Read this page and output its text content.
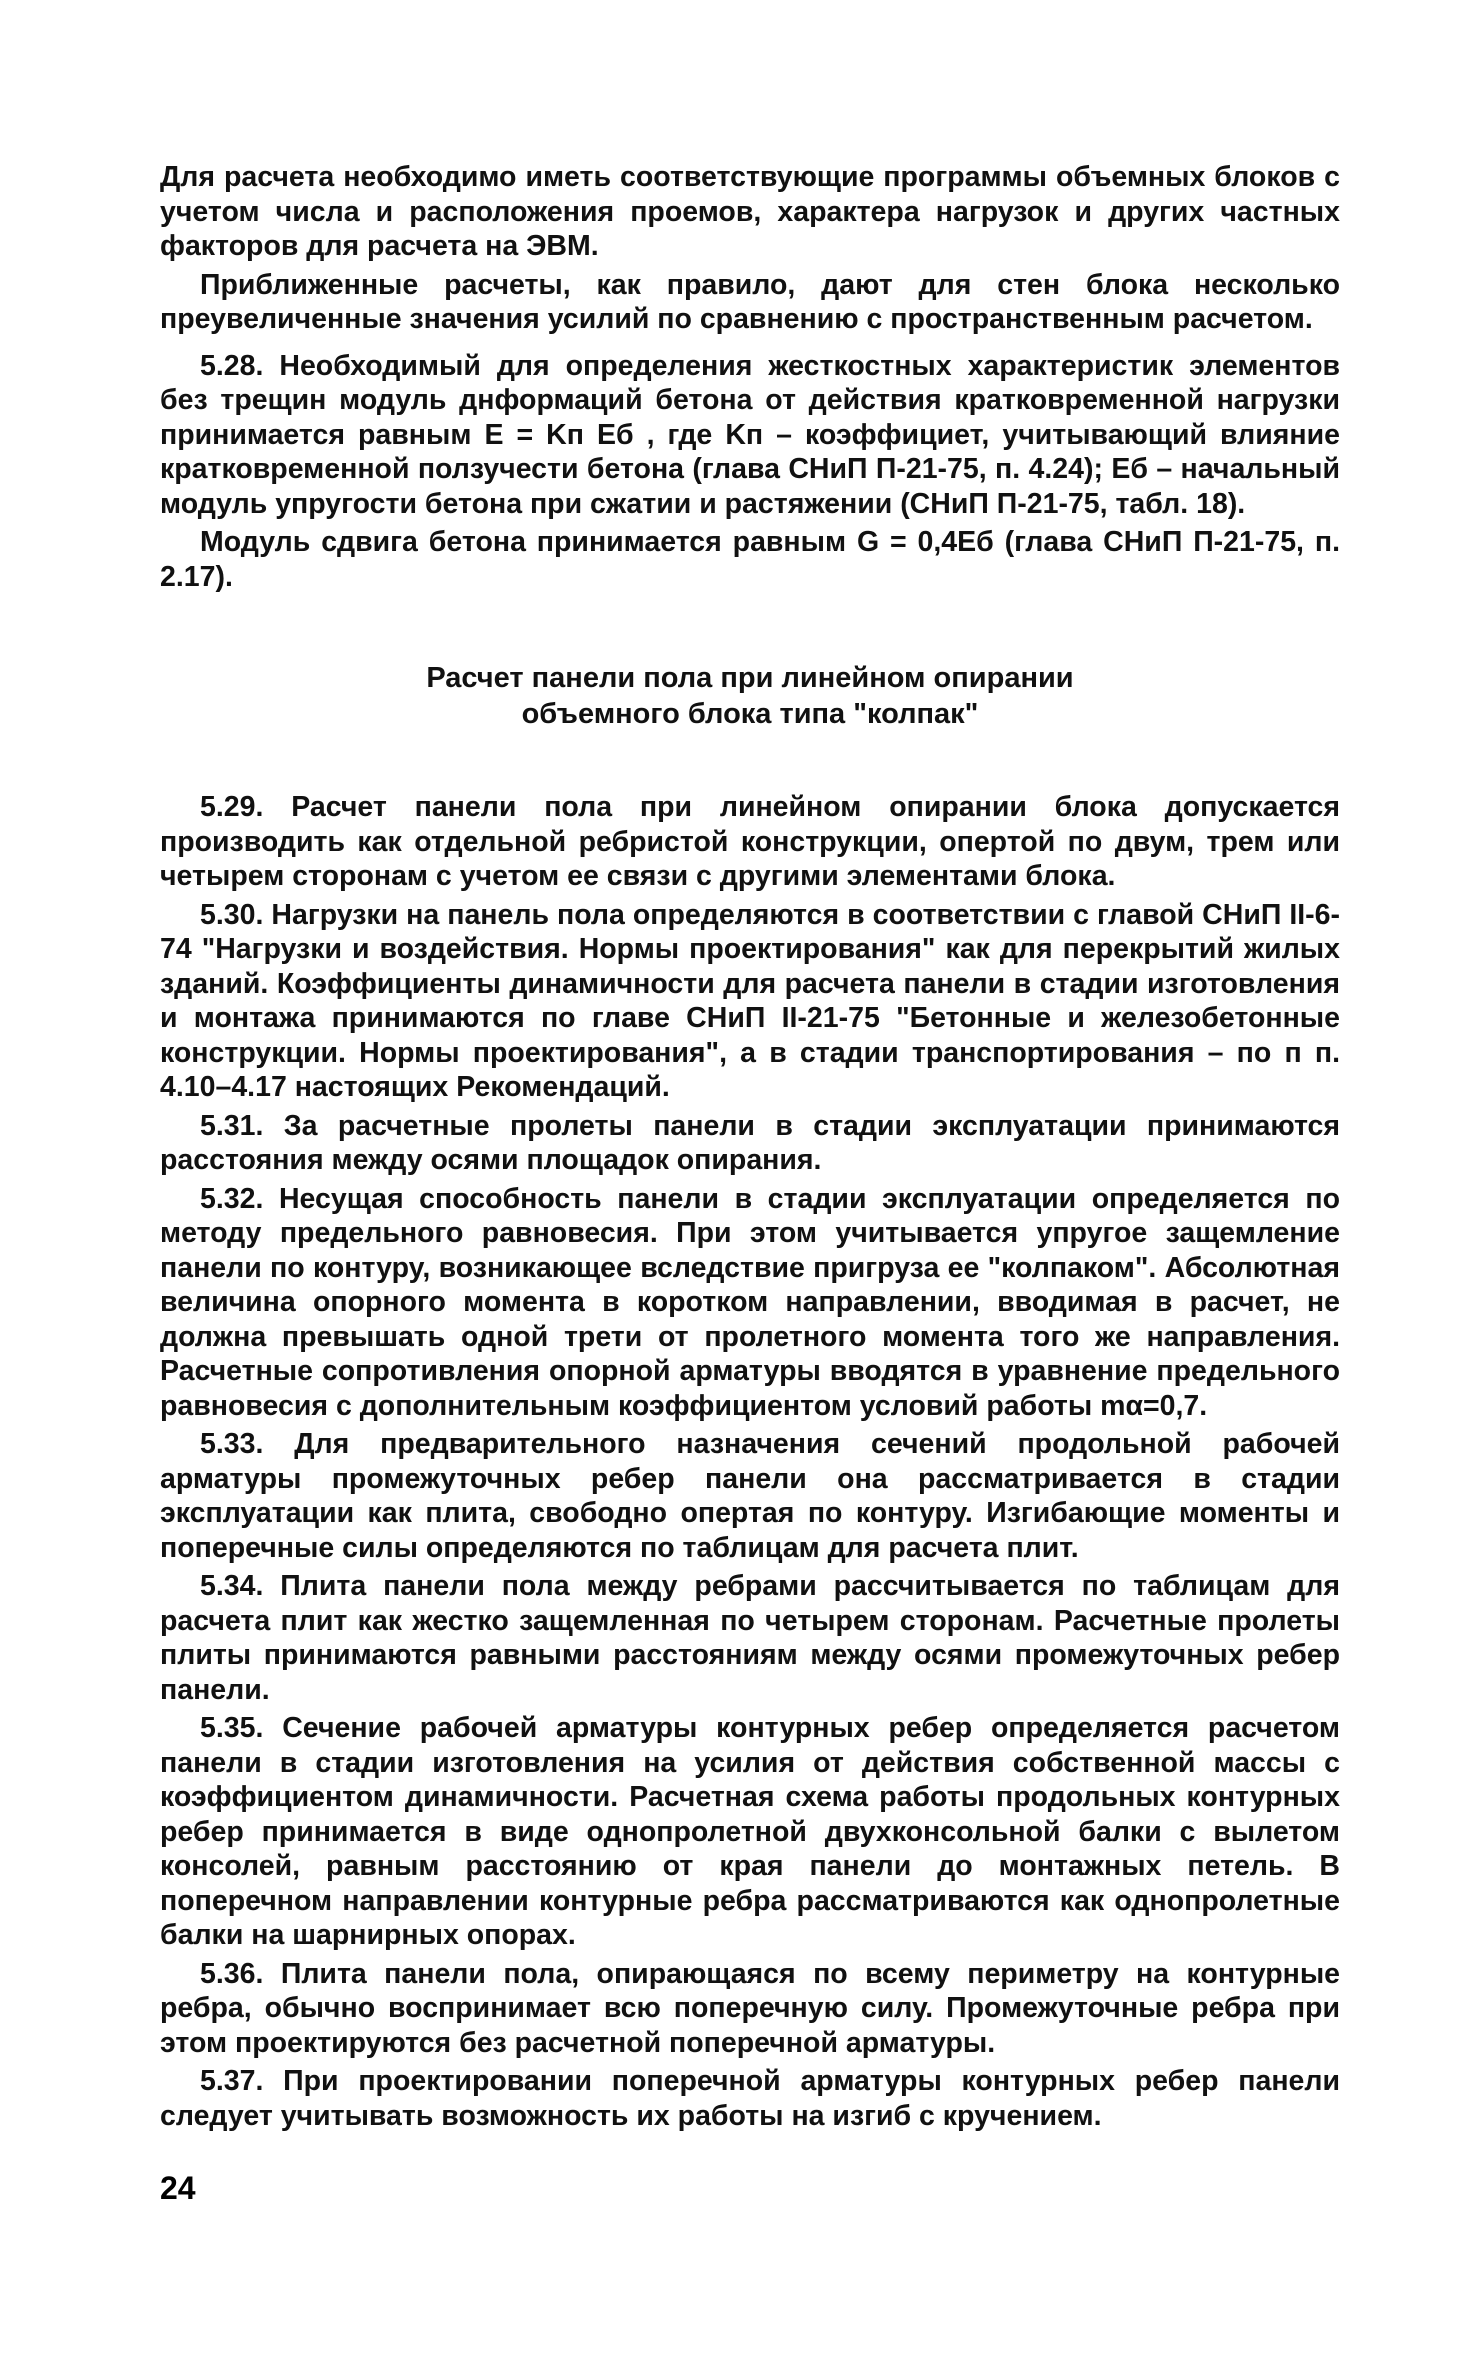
Для расчета необходимо иметь соответствующие программы объемных блоков с учетом числа и расположения проемов, характера нагрузок и других частных факторов для расчета на ЭВМ.

Приближенные расчеты, как правило, дают для стен блока несколько преувеличенные значения усилий по сравнению с пространственным расчетом.

5.28. Необходимый для определения жесткостных характеристик элементов без трещин модуль днформаций бетона от действия кратковременной нагрузки принимается равным E = Kп Eб , где Kп – коэффициет, учитывающий влияние кратковременной ползучести бетона (глава СНиП П-21-75, п. 4.24); Eб – начальный модуль упругости бетона при сжатии и растяжении (СНиП П-21-75, табл. 18).

Модуль сдвига бетона принимается равным G = 0,4Eб (глава СНиП П-21-75, п. 2.17).

Расчет панели пола при линейном опирании
объемного блока типа "колпак"

5.29. Расчет панели пола при линейном опирании блока допускается производить как отдельной ребристой конструкции, опертой по двум, трем или четырем сторонам с учетом ее связи с другими элементами блока.

5.30. Нагрузки на панель пола определяются в соответствии с главой СНиП II-6-74 "Нагрузки и воздействия. Нормы проектирования" как для перекрытий жилых зданий. Коэффициенты динамичности для расчета панели в стадии изготовления и монтажа принимаются по главе СНиП II-21-75 "Бетонные и железобетонные конструкции. Нормы проектирования", а в стадии транспортирования – по п п. 4.10–4.17 настоящих Рекомендаций.

5.31. За расчетные пролеты панели в стадии эксплуатации принимаются расстояния между осями площадок опирания.

5.32. Несущая способность панели в стадии эксплуатации определяется по методу предельного равновесия. При этом учитывается упругое защемление панели по контуру, возникающее вследствие пригруза ее "колпаком". Абсолютная величина опорного момента в коротком направлении, вводимая в расчет, не должна превышать одной трети от пролетного момента того же направления. Расчетные сопротивления опорной арматуры вводятся в уравнение предельного равновесия с дополнительным коэффициентом условий работы mα=0,7.

5.33. Для предварительного назначения сечений продольной рабочей арматуры промежуточных ребер панели она рассматривается в стадии эксплуатации как плита, свободно опертая по контуру. Изгибающие моменты и поперечные силы определяются по таблицам для расчета плит.

5.34. Плита панели пола между ребрами рассчитывается по таблицам для расчета плит как жестко защемленная по четырем сторонам. Расчетные пролеты плиты принимаются равными расстояниям между осями промежуточных ребер панели.

5.35. Сечение рабочей арматуры контурных ребер определяется расчетом панели в стадии изготовления на усилия от действия собственной массы с коэффициентом динамичности. Расчетная схема работы продольных контурных ребер принимается в виде однопролетной двухконсольной балки с вылетом консолей, равным расстоянию от края панели до монтажных петель. В поперечном направлении контурные ребра рассматриваются как однопролетные балки на шарнирных опорах.

5.36. Плита панели пола, опирающаяся по всему периметру на контурные ребра, обычно воспринимает всю поперечную силу. Промежуточные ребра при этом проектируются без расчетной поперечной арматуры.

5.37. При проектировании поперечной арматуры контурных ребер панели следует учитывать возможность их работы на изгиб с кручением.

24
